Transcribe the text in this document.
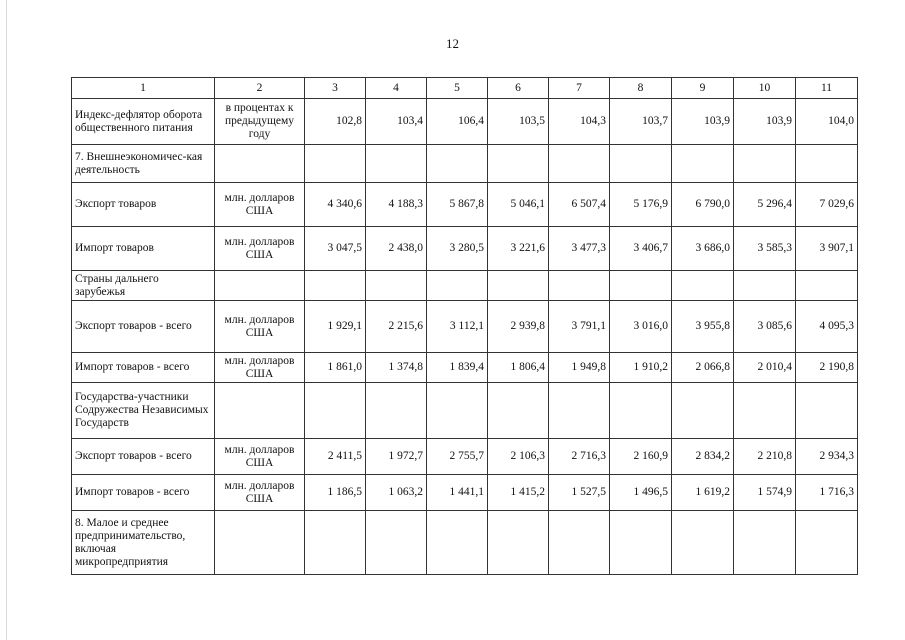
12
1	2	3	4	5	6	7	8	9	10	11
Индекс-дефлятор оборота общественного питания	в процентах к предыдущему году	102,8	103,4	106,4	103,5	104,3	103,7	103,9	103,9	104,0
7. Внешнеэкономичес-кая деятельность										
Экспорт товаров	млн. долларов США	4 340,6	4 188,3	5 867,8	5 046,1	6 507,4	5 176,9	6 790,0	5 296,4	7 029,6
Импорт товаров	млн. долларов США	3 047,5	2 438,0	3 280,5	3 221,6	3 477,3	3 406,7	3 686,0	3 585,3	3 907,1
Страны дальнего зарубежья										
Экспорт товаров - всего	млн. долларов США	1 929,1	2 215,6	3 112,1	2 939,8	3 791,1	3 016,0	3 955,8	3 085,6	4 095,3
Импорт товаров - всего	млн. долларов США	1 861,0	1 374,8	1 839,4	1 806,4	1 949,8	1 910,2	2 066,8	2 010,4	2 190,8
Государства-участники Содружества Независимых Государств										
Экспорт товаров - всего	млн. долларов США	2 411,5	1 972,7	2 755,7	2 106,3	2 716,3	2 160,9	2 834,2	2 210,8	2 934,3
Импорт товаров - всего	млн. долларов США	1 186,5	1 063,2	1 441,1	1 415,2	1 527,5	1 496,5	1 619,2	1 574,9	1 716,3
8. Малое и среднее предпринимательство, включая микропредприятия										
